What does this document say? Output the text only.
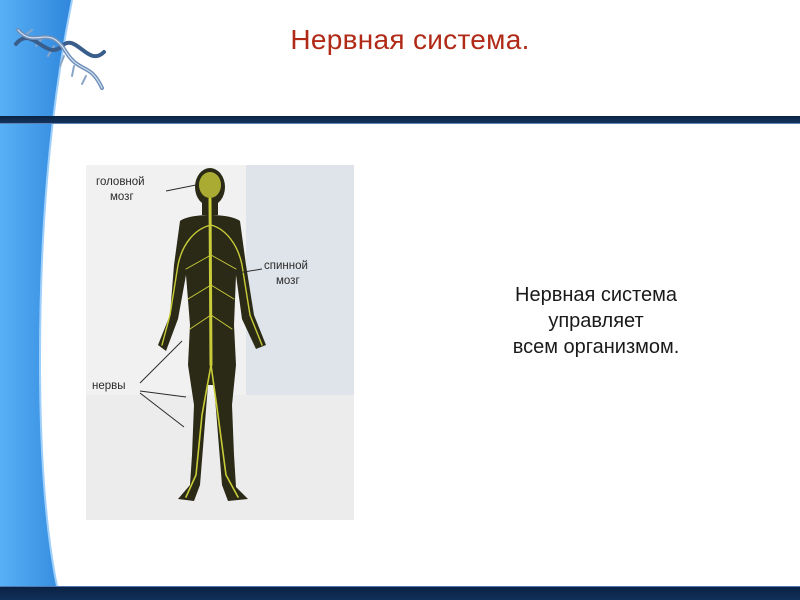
Нервная система.
головной
мозг
спинной
мозг
нервы
Нервная система
управляет
всем организмом.
